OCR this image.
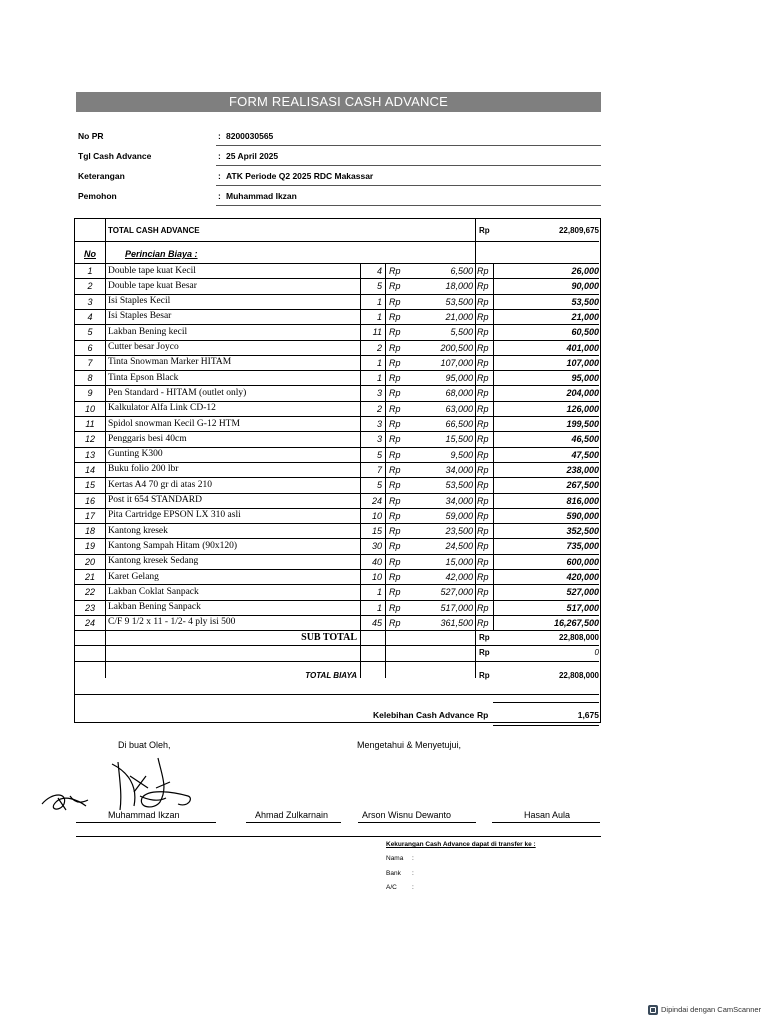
FORM REALISASI CASH ADVANCE
No PR	: 8200030565
Tgl Cash Advance	: 25 April 2025
Keterangan	: ATK Periode Q2 2025 RDC Makassar
Pemohon	: Muhammad Ikzan
TOTAL CASH ADVANCE	Rp	22,809,675
No	Perincian Biaya :
1	Double tape kuat Kecil	4 Rp	6,500 Rp	26,000
2	Double tape kuat Besar	5 Rp	18,000 Rp	90,000
3	Isi Staples Kecil	1 Rp	53,500 Rp	53,500
4	Isi Staples Besar	1 Rp	21,000 Rp	21,000
5	Lakban Bening kecil	11 Rp	5,500 Rp	60,500
6	Cutter besar Joyco	2 Rp	200,500 Rp	401,000
7	Tinta Snowman Marker HITAM	1 Rp	107,000 Rp	107,000
8	Tinta Epson Black	1 Rp	95,000 Rp	95,000
9	Pen Standard - HITAM (outlet only)	3 Rp	68,000 Rp	204,000
10	Kalkulator Alfa Link CD-12	2 Rp	63,000 Rp	126,000
11	Spidol snowman Kecil G-12 HTM	3 Rp	66,500 Rp	199,500
12	Penggaris besi 40cm	3 Rp	15,500 Rp	46,500
13	Gunting K300	5 Rp	9,500 Rp	47,500
14	Buku folio 200 lbr	7 Rp	34,000 Rp	238,000
15	Kertas A4 70 gr di atas 210	5 Rp	53,500 Rp	267,500
16	Post it 654 STANDARD	24 Rp	34,000 Rp	816,000
17	Pita Cartridge EPSON LX 310 asli	10 Rp	59,000 Rp	590,000
18	Kantong kresek	15 Rp	23,500 Rp	352,500
19	Kantong Sampah Hitam (90x120)	30 Rp	24,500 Rp	735,000
20	Kantong kresek Sedang	40 Rp	15,000 Rp	600,000
21	Karet Gelang	10 Rp	42,000 Rp	420,000
22	Lakban Coklat Sanpack	1 Rp	527,000 Rp	527,000
23	Lakban Bening Sanpack	1 Rp	517,000 Rp	517,000
24	C/F 9 1/2 x 11 - 1/2- 4 ply isi 500	45 Rp	361,500 Rp	16,267,500
SUB TOTAL	Rp	22,808,000
Rp	0
TOTAL BIAYA	Rp	22,808,000
Kelebihan Cash Advance Rp	1,675
Di buat Oleh,	Mengetahui & Menyetujui,
Muhammad Ikzan	Ahmad Zulkarnain	Arson Wisnu Dewanto	Hasan Aula
Kekurangan Cash Advance dapat di transfer ke :
Nama :
Bank :
A/C :
Dipindai dengan CamScanner
